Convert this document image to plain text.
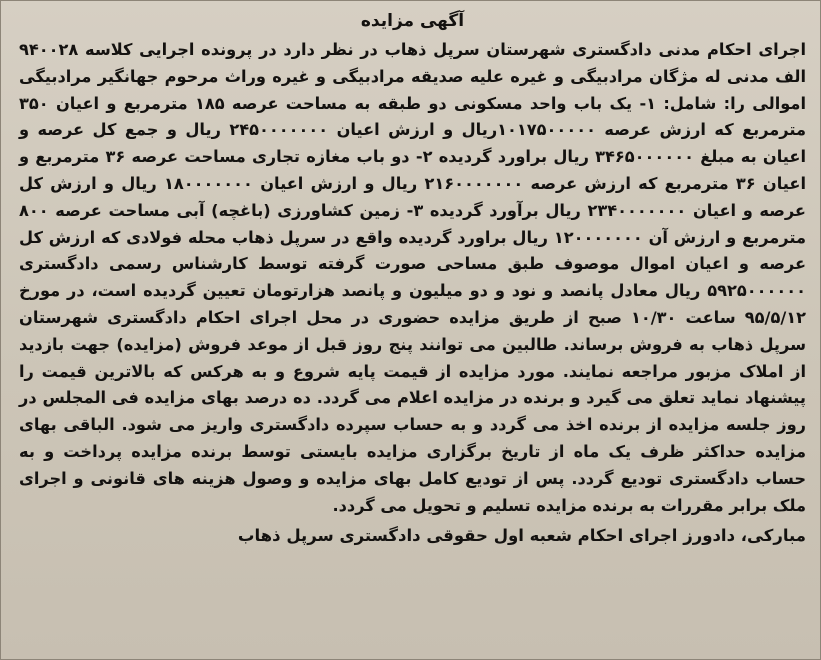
آگهی مزایده

اجرای احکام مدنی دادگستری شهرستان سرپل ذهاب در نظر دارد در پرونده اجرایی کلاسه ۹۴۰۰۲۸ الف مدنی له مژگان مرادبیگی و غیره علیه صدیقه مرادبیگی و غیره وراث مرحوم جهانگیر مرادبیگی اموالی را: شامل: ۱- یک باب واحد مسکونی دو طبقه به مساحت عرصه ۱۸۵ مترمربع و اعیان ۳۵۰ مترمربع که ارزش عرصه ۱۰۱۷۵۰۰۰۰۰ریال و ارزش اعیان ۲۴۵۰۰۰۰۰۰۰ ریال و جمع کل عرصه و اعیان به مبلغ ۳۴۶۵۰۰۰۰۰۰ ریال براورد گردیده ۲- دو باب مغازه تجاری مساحت عرصه ۳۶ مترمربع و اعیان ۳۶ مترمربع که ارزش عرصه ۲۱۶۰۰۰۰۰۰۰ ریال و ارزش اعیان ۱۸۰۰۰۰۰۰۰ ریال و ارزش کل عرصه و اعیان ۲۳۴۰۰۰۰۰۰۰ ریال برآورد گردیده ۳- زمین کشاورزی (باغچه) آبی مساحت عرصه ۸۰۰ مترمربع و ارزش آن ۱۲۰۰۰۰۰۰۰ ریال براورد گردیده واقع در سرپل ذهاب محله فولادی که ارزش کل عرصه و اعیان اموال موصوف طبق مساحی صورت گرفته توسط کارشناس رسمی دادگستری ۵۹۲۵۰۰۰۰۰۰ ریال معادل پانصد و نود و دو میلیون و پانصد هزارتومان تعیین گردیده است، در مورخ ۹۵/۵/۱۲ ساعت ۱۰/۳۰ صبح از طریق مزایده حضوری در محل اجرای احکام دادگستری شهرستان سرپل ذهاب به فروش برساند. طالبین می توانند پنج روز قبل از موعد فروش (مزایده) جهت بازدید از املاک مزبور مراجعه نمایند. مورد مزایده از قیمت پایه شروع و به هرکس که بالاترین قیمت را پیشنهاد نماید تعلق می گیرد و برنده در مزایده اعلام می گردد. ده درصد بهای مزایده فی المجلس در روز جلسه مزایده از برنده اخذ می گردد و به حساب سپرده دادگستری واریز می شود. الباقی بهای مزایده حداکثر ظرف یک ماه از تاریخ برگزاری مزایده بایستی توسط برنده مزایده پرداخت و به حساب دادگستری تودیع گردد. پس از تودیع کامل بهای مزایده و وصول هزینه های قانونی و اجرای ملک برابر مقررات به برنده مزایده تسلیم و تحویل می گردد.

مبارکی، دادورز اجرای احکام شعبه اول حقوقی دادگستری سرپل ذهاب
